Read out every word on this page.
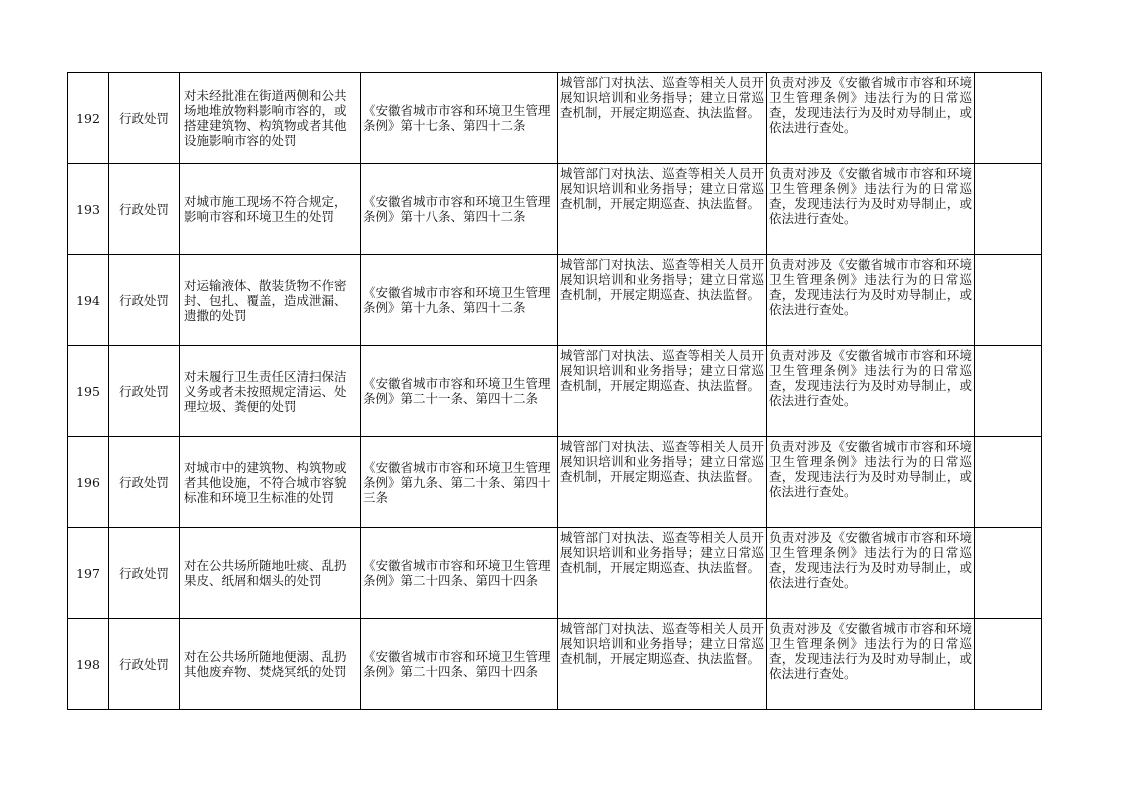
192	行政处罚	对未经批准在街道两侧和公共场地堆放物料影响市容的，或搭建建筑物、构筑物或者其他设施影响市容的处罚	《安徽省城市市容和环境卫生管理条例》第十七条、第四十二条	城管部门对执法、巡查等相关人员开展知识培训和业务指导；建立日常巡查机制，开展定期巡查、执法监督。	负责对涉及《安徽省城市市容和环境卫生管理条例》违法行为的日常巡查，发现违法行为及时劝导制止，或依法进行查处。	

193	行政处罚	对城市施工现场不符合规定，影响市容和环境卫生的处罚	《安徽省城市市容和环境卫生管理条例》第十八条、第四十二条	城管部门对执法、巡查等相关人员开展知识培训和业务指导；建立日常巡查机制，开展定期巡查、执法监督。	负责对涉及《安徽省城市市容和环境卫生管理条例》违法行为的日常巡查，发现违法行为及时劝导制止，或依法进行查处。	

194	行政处罚	对运输液体、散装货物不作密封、包扎、覆盖，造成泄漏、遗撒的处罚	《安徽省城市市容和环境卫生管理条例》第十九条、第四十二条	城管部门对执法、巡查等相关人员开展知识培训和业务指导；建立日常巡查机制，开展定期巡查、执法监督。	负责对涉及《安徽省城市市容和环境卫生管理条例》违法行为的日常巡查，发现违法行为及时劝导制止，或依法进行查处。	

195	行政处罚	对未履行卫生责任区清扫保洁义务或者未按照规定清运、处理垃圾、粪便的处罚	《安徽省城市市容和环境卫生管理条例》第二十一条、第四十二条	城管部门对执法、巡查等相关人员开展知识培训和业务指导；建立日常巡查机制，开展定期巡查、执法监督。	负责对涉及《安徽省城市市容和环境卫生管理条例》违法行为的日常巡查，发现违法行为及时劝导制止，或依法进行查处。	

196	行政处罚	对城市中的建筑物、构筑物或者其他设施，不符合城市容貌标准和环境卫生标准的处罚	《安徽省城市市容和环境卫生管理条例》第九条、第二十条、第四十三条	城管部门对执法、巡查等相关人员开展知识培训和业务指导；建立日常巡查机制，开展定期巡查、执法监督。	负责对涉及《安徽省城市市容和环境卫生管理条例》违法行为的日常巡查，发现违法行为及时劝导制止，或依法进行查处。	

197	行政处罚	对在公共场所随地吐痰、乱扔果皮、纸屑和烟头的处罚	《安徽省城市市容和环境卫生管理条例》第二十四条、第四十四条	城管部门对执法、巡查等相关人员开展知识培训和业务指导；建立日常巡查机制，开展定期巡查、执法监督。	负责对涉及《安徽省城市市容和环境卫生管理条例》违法行为的日常巡查，发现违法行为及时劝导制止，或依法进行查处。	

198	行政处罚	对在公共场所随地便溺、乱扔其他废弃物、焚烧冥纸的处罚	《安徽省城市市容和环境卫生管理条例》第二十四条、第四十四条	城管部门对执法、巡查等相关人员开展知识培训和业务指导；建立日常巡查机制，开展定期巡查、执法监督。	负责对涉及《安徽省城市市容和环境卫生管理条例》违法行为的日常巡查，发现违法行为及时劝导制止，或依法进行查处。	
